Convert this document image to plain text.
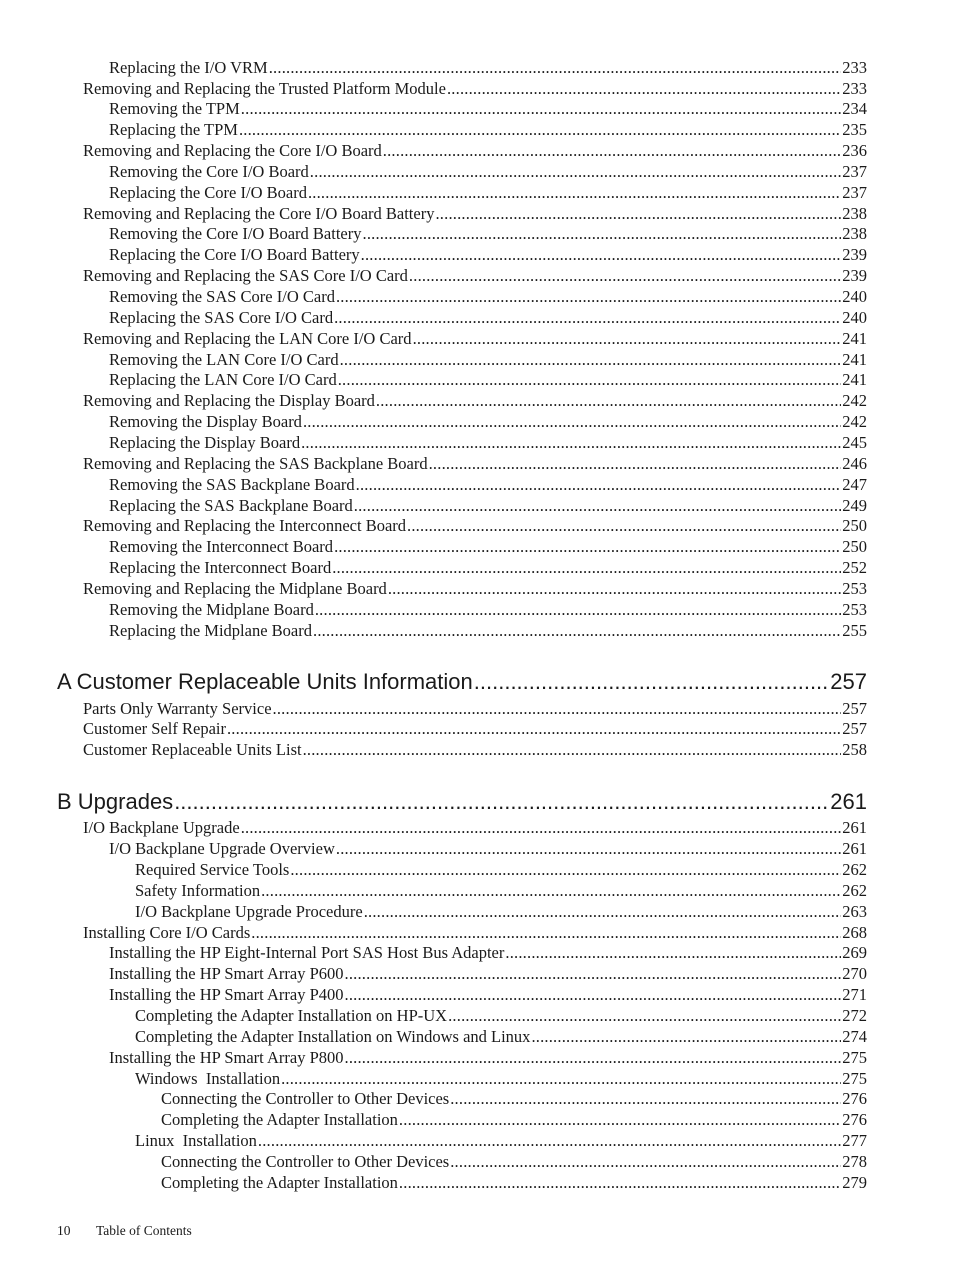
Replacing the I/O VRM .....	233
Removing and Replacing the Trusted Platform Module .....	233
Removing the TPM .....	234
Replacing the TPM .....	235
Removing and Replacing the Core I/O Board .....	236
Removing the Core I/O Board .....	237
Replacing the Core I/O Board .....	237
Removing and Replacing the Core I/O Board Battery .....	238
Removing the Core I/O Board Battery .....	238
Replacing the Core I/O Board Battery .....	239
Removing and Replacing the SAS Core I/O Card .....	239
Removing the SAS Core I/O Card .....	240
Replacing the SAS Core I/O Card .....	240
Removing and Replacing the LAN Core I/O Card .....	241
Removing the LAN Core I/O Card .....	241
Replacing the LAN Core I/O Card .....	241
Removing and Replacing the Display Board .....	242
Removing the Display Board .....	242
Replacing the Display Board .....	245
Removing and Replacing the SAS Backplane Board .....	246
Removing the SAS Backplane Board .....	247
Replacing the SAS Backplane Board .....	249
Removing and Replacing the Interconnect Board .....	250
Removing the Interconnect Board .....	250
Replacing the Interconnect Board .....	252
Removing and Replacing the Midplane Board .....	253
Removing the Midplane Board .....	253
Replacing the Midplane Board .....	255
A Customer Replaceable Units Information .....	257
Parts Only Warranty Service .....	257
Customer Self Repair .....	257
Customer Replaceable Units List .....	258
B Upgrades .....	261
I/O Backplane Upgrade .....	261
I/O Backplane Upgrade Overview .....	261
Required Service Tools .....	262
Safety Information .....	262
I/O Backplane Upgrade Procedure .....	263
Installing Core I/O Cards .....	268
Installing the HP Eight-Internal Port SAS Host Bus Adapter .....	269
Installing the HP Smart Array P600 .....	270
Installing the HP Smart Array P400 .....	271
Completing the Adapter Installation on HP-UX .....	272
Completing the Adapter Installation on Windows and Linux .....	274
Installing the HP Smart Array P800 .....	275
Windows  Installation .....	275
Connecting the Controller to Other Devices .....	276
Completing the Adapter Installation .....	276
Linux  Installation .....	277
Connecting the Controller to Other Devices .....	278
Completing the Adapter Installation .....	279
10 Table of Contents
